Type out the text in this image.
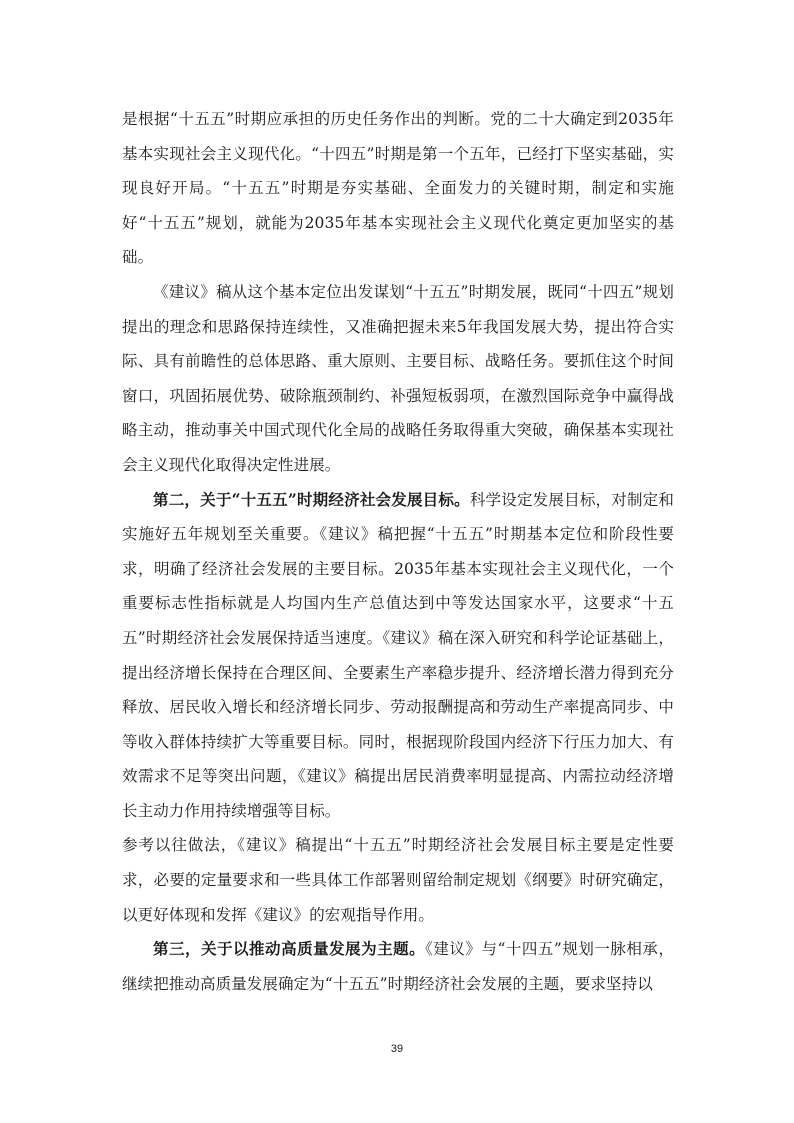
是根据“十五五”时期应承担的历史任务作出的判断。党的二十大确定到2035年基本实现社会主义现代化。“十四五”时期是第一个五年，已经打下坚实基础，实现良好开局。“十五五”时期是夯实基础、全面发力的关键时期，制定和实施好“十五五”规划，就能为2035年基本实现社会主义现代化奠定更加坚实的基础。

《建议》稿从这个基本定位出发谋划“十五五”时期发展，既同“十四五”规划提出的理念和思路保持连续性，又准确把握未来5年我国发展大势，提出符合实际、具有前瞻性的总体思路、重大原则、主要目标、战略任务。要抓住这个时间窗口，巩固拓展优势、破除瓶颈制约、补强短板弱项，在激烈国际竞争中赢得战略主动，推动事关中国式现代化全局的战略任务取得重大突破，确保基本实现社会主义现代化取得决定性进展。

第二，关于“十五五”时期经济社会发展目标。科学设定发展目标，对制定和实施好五年规划至关重要。《建议》稿把握“十五五”时期基本定位和阶段性要求，明确了经济社会发展的主要目标。2035年基本实现社会主义现代化，一个重要标志性指标就是人均国内生产总值达到中等发达国家水平，这要求“十五五”时期经济社会发展保持适当速度。《建议》稿在深入研究和科学论证基础上，提出经济增长保持在合理区间、全要素生产率稳步提升、经济增长潜力得到充分释放、居民收入增长和经济增长同步、劳动报酬提高和劳动生产率提高同步、中等收入群体持续扩大等重要目标。同时，根据现阶段国内经济下行压力加大、有效需求不足等突出问题，《建议》稿提出居民消费率明显提高、内需拉动经济增长主动力作用持续增强等目标。

参考以往做法，《建议》稿提出“十五五”时期经济社会发展目标主要是定性要求，必要的定量要求和一些具体工作部署则留给制定规划《纲要》时研究确定，以更好体现和发挥《建议》的宏观指导作用。

第三，关于以推动高质量发展为主题。《建议》与“十四五”规划一脉相承，继续把推动高质量发展确定为“十五五”时期经济社会发展的主题，要求坚持以

39
